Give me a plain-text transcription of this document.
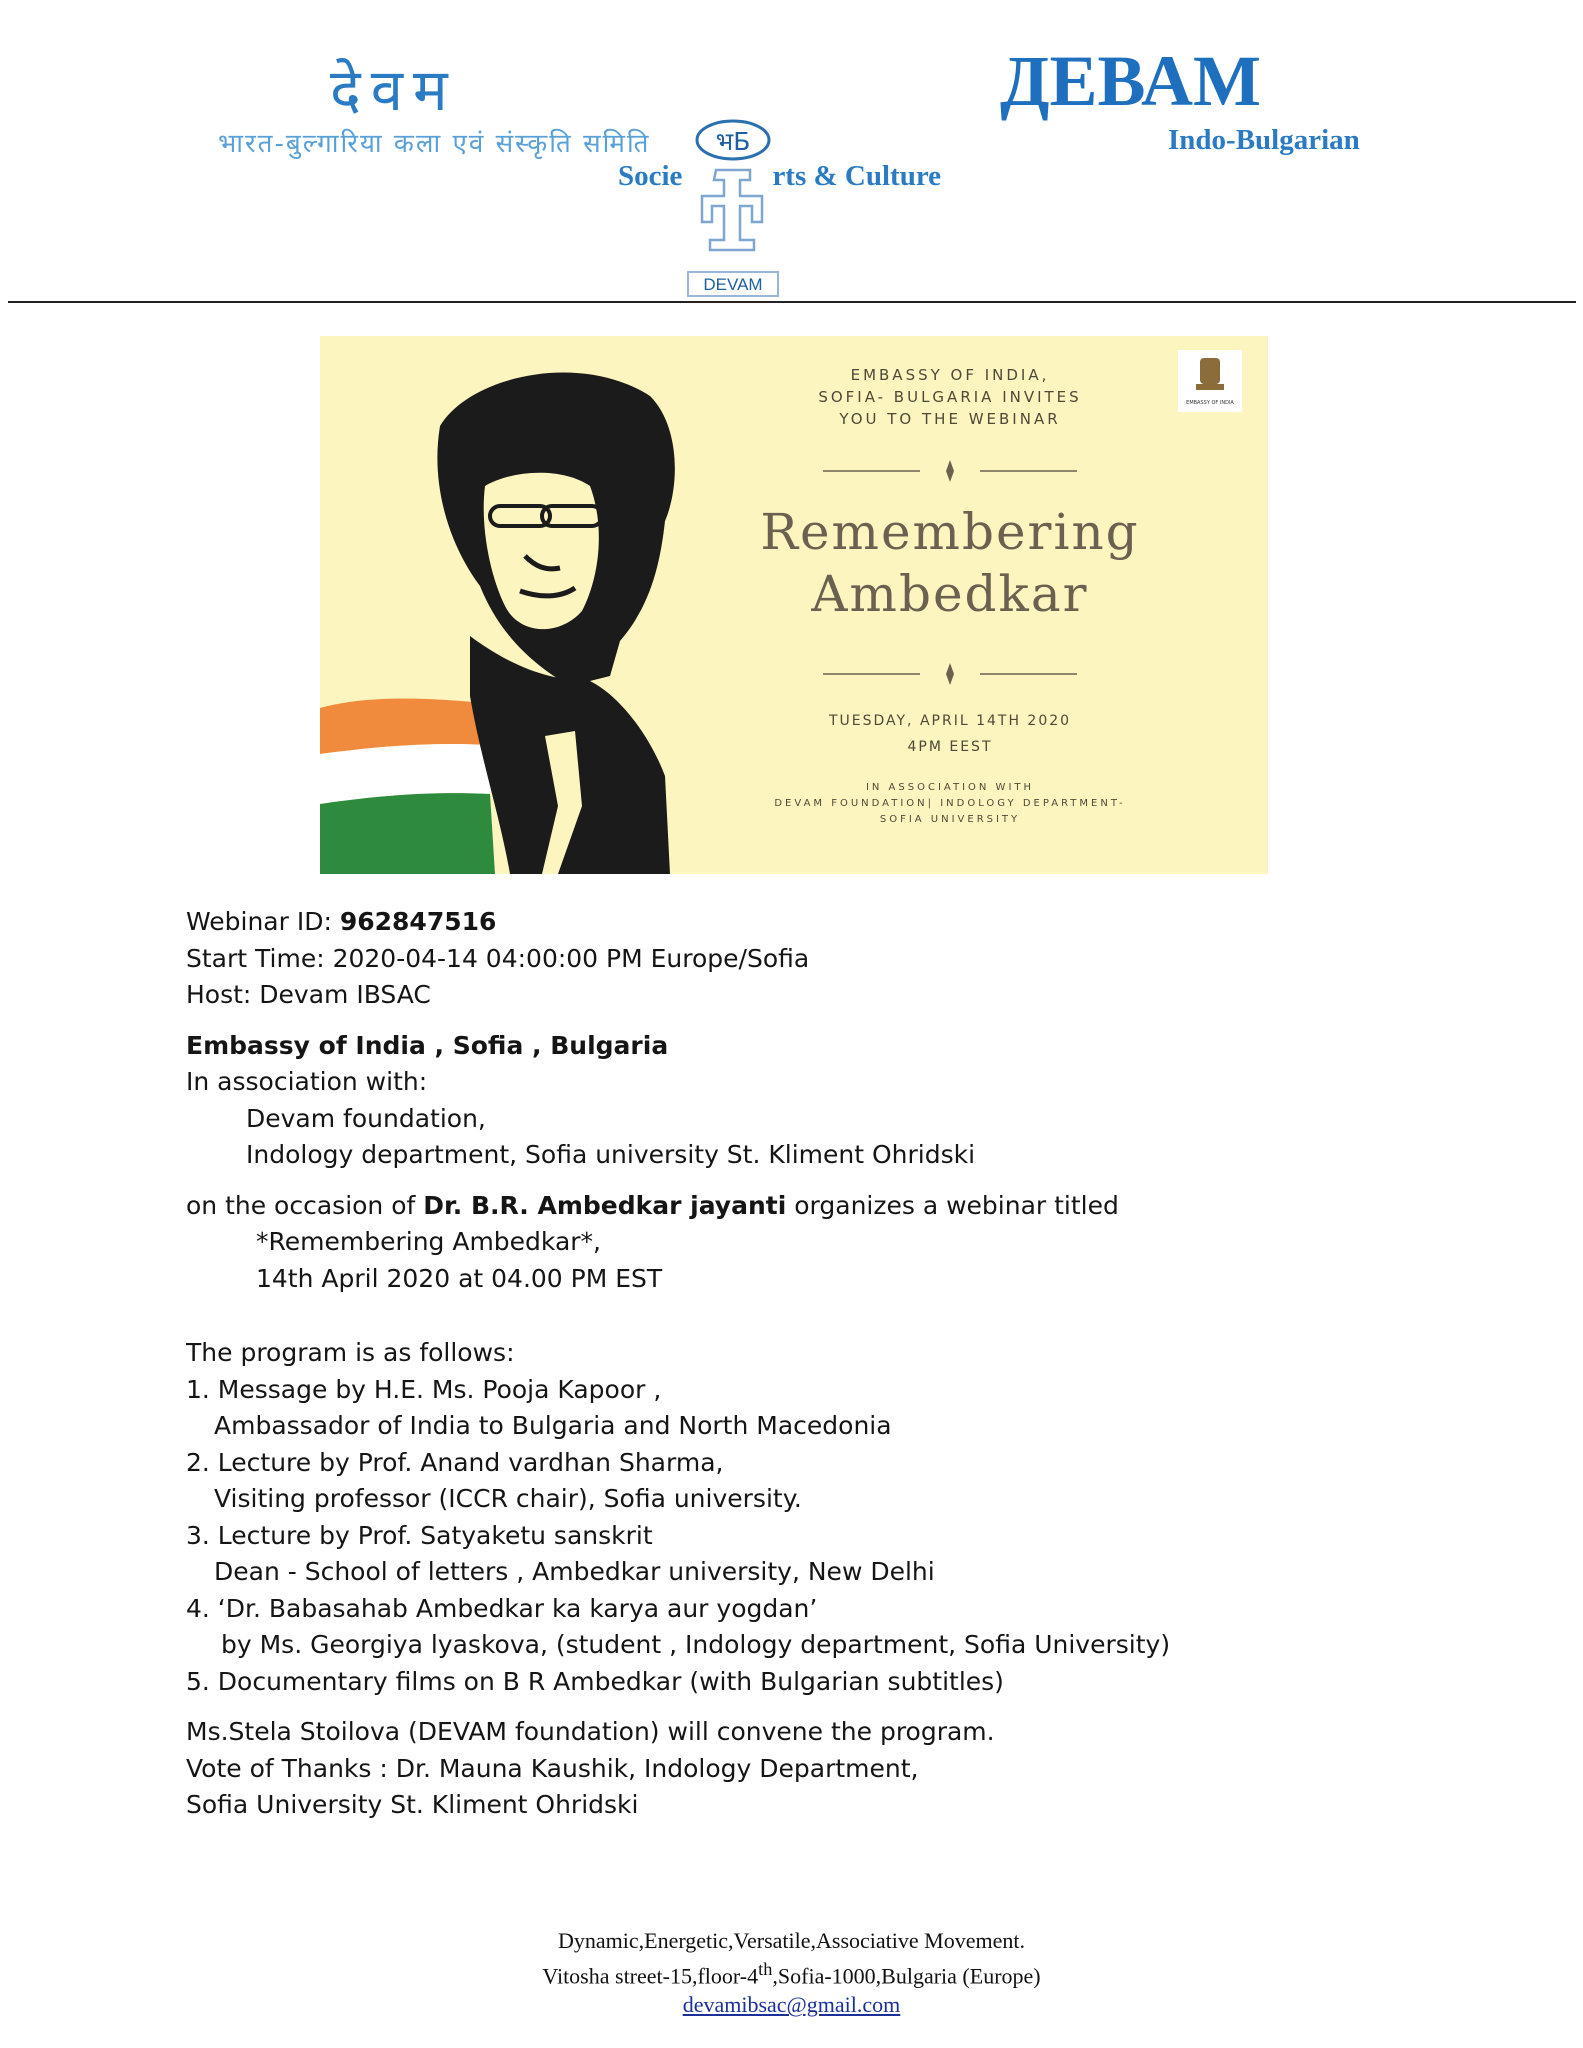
देवम
भारत-बुल्गारिया कला एवं संस्कृति समिति
Socie	rts & Culture
ДЕВАМ
Indo-Bulgarian
भБ
DEVAM
EMBASSY OF INDIA,
SOFIA- BULGARIA INVITES
YOU TO THE WEBINAR
Remembering
Ambedkar
TUESDAY, APRIL 14TH 2020
4PM EEST
IN ASSOCIATION WITH
DEVAM FOUNDATION| INDOLOGY DEPARTMENT-
SOFIA UNIVERSITY
EMBASSY OF INDIA

Webinar ID: 962847516

Start Time: 2020-04-14 04:00:00 PM Europe/Sofia

Host: Devam IBSAC

Embassy of India , Sofia , Bulgaria

In association with:

Devam foundation,

Indology department, Sofia university St. Kliment Ohridski

on the occasion of Dr. B.R. Ambedkar jayanti organizes a webinar titled

*Remembering Ambedkar*,

14th April 2020 at 04.00 PM EST

The program is as follows:

1. Message by H.E. Ms. Pooja Kapoor ,

Ambassador of India to Bulgaria and North Macedonia

2. Lecture by Prof. Anand vardhan Sharma,

Visiting professor (ICCR chair), Sofia university.

3. Lecture by Prof. Satyaketu sanskrit

Dean - School of letters , Ambedkar university, New Delhi

4. ‘Dr. Babasahab Ambedkar ka karya aur yogdan’

by Ms. Georgiya lyaskova, (student , Indology department, Sofia University)

5. Documentary films on B R Ambedkar (with Bulgarian subtitles)

Ms.Stela Stoilova (DEVAM foundation) will convene the program.

Vote of Thanks : Dr. Mauna Kaushik, Indology Department,

Sofia University St. Kliment Ohridski

Dynamic,Energetic,Versatile,Associative Movement.
Vitosha street-15,floor-4th,Sofia-1000,Bulgaria (Europe)
devamibsac@gmail.com
